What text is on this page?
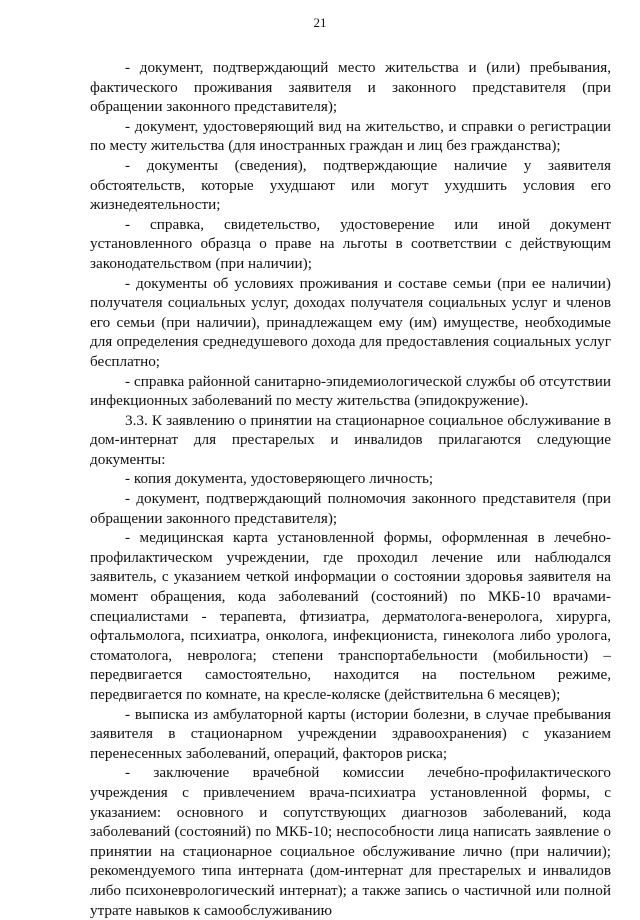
21

- документ, подтверждающий место жительства и (или) пребывания, фактического проживания заявителя и законного представителя (при обращении законного представителя);

- документ, удостоверяющий вид на жительство, и справки о регистрации по месту жительства (для иностранных граждан и лиц без гражданства);

- документы (сведения), подтверждающие наличие у заявителя обстоятельств, которые ухудшают или могут ухудшить условия его жизнедеятельности;

- справка, свидетельство, удостоверение или иной документ установленного образца о праве на льготы в соответствии с действующим законодательством (при наличии);

- документы об условиях проживания и составе семьи (при ее наличии) получателя социальных услуг, доходах получателя социальных услуг и членов его семьи (при наличии), принадлежащем ему (им) имуществе, необходимые для определения среднедушевого дохода для предоставления социальных услуг бесплатно;

- справка районной санитарно-эпидемиологической службы об отсутствии инфекционных заболеваний по месту жительства (эпидокружение).

3.3. К заявлению о принятии на стационарное социальное обслуживание в дом-интернат для престарелых и инвалидов прилагаются следующие документы:

- копия документа, удостоверяющего личность;

- документ, подтверждающий полномочия законного представителя (при обращении законного представителя);

- медицинская карта установленной формы, оформленная в лечебно-профилактическом учреждении, где проходил лечение или наблюдался заявитель, с указанием четкой информации о состоянии здоровья заявителя на момент обращения, кода заболеваний (состояний) по МКБ-10 врачами-специалистами - терапевта, фтизиатра, дерматолога-венеролога, хирурга, офтальмолога, психиатра, онколога, инфекциониста, гинеколога либо уролога, стоматолога, невролога; степени транспортабельности (мобильности) – передвигается самостоятельно, находится на постельном режиме, передвигается по комнате, на кресле-коляске (действительна 6 месяцев);

- выписка из амбулаторной карты (истории болезни, в случае пребывания заявителя в стационарном учреждении здравоохранения) с указанием перенесенных заболеваний, операций, факторов риска;

- заключение врачебной комиссии лечебно-профилактического учреждения с привлечением врача-психиатра установленной формы, с указанием: основного и сопутствующих диагнозов заболеваний, кода заболеваний (состояний) по МКБ-10; неспособности лица написать заявление о принятии на стационарное социальное обслуживание лично (при наличии); рекомендуемого типа интерната (дом-интернат для престарелых и инвалидов либо психоневрологический интернат); а также запись о частичной или полной утрате навыков к самообслуживанию
